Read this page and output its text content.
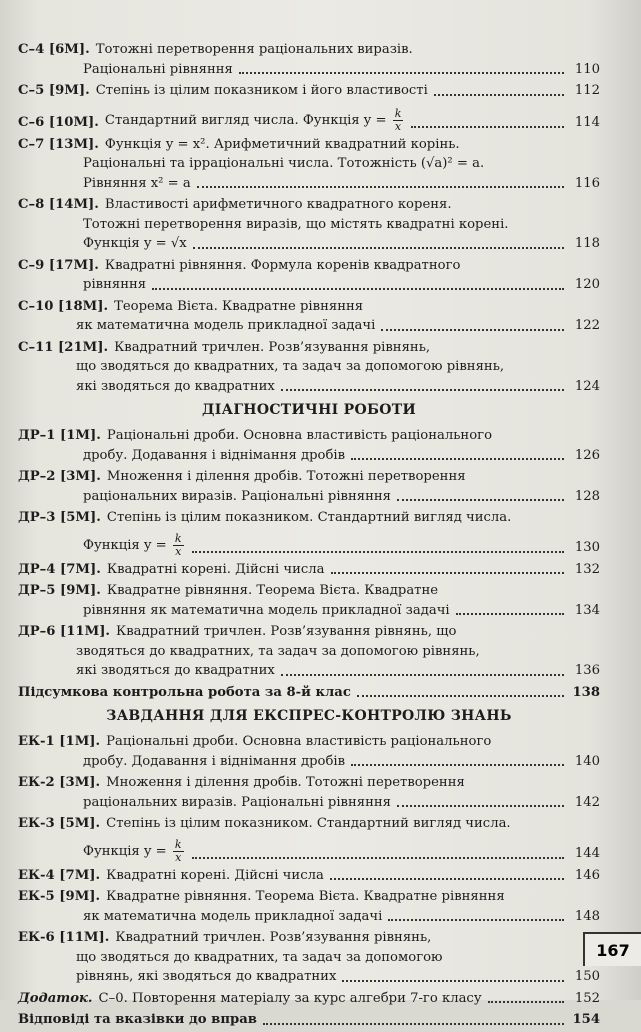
С–4 [6М]. Тотожні перетворення раціональних виразів.
Раціональні рівняння	110
С–5 [9М]. Степінь із цілим показником і його властивості	112
С–6 [10М]. Стандартний вигляд числа. Функція $y = \frac{k}{x}$	114
С–7 [13М]. Функція y = x². Арифметичний квадратний корінь.
Раціональні та ірраціональні числа. Тотожність (√a)² = a.
Рівняння x² = a	116
С–8 [14М]. Властивості арифметичного квадратного кореня.
Тотожні перетворення виразів, що містять квадратні корені.
Функція y = √x	118
С–9 [17М]. Квадратні рівняння. Формула коренів квадратного
рівняння	120
С–10 [18М]. Теорема Вієта. Квадратне рівняння
як математична модель прикладної задачі	122
С–11 [21М]. Квадратний тричлен. Розв’язування рівнянь,
що зводяться до квадратних, та задач за допомогою рівнянь,
які зводяться до квадратних	124
ДІАГНОСТИЧНІ РОБОТИ
ДР–1 [1М]. Раціональні дроби. Основна властивість раціонального
дробу. Додавання і віднімання дробів	126
ДР–2 [3М]. Множення і ділення дробів. Тотожні перетворення
раціональних виразів. Раціональні рівняння	128
ДР–3 [5М]. Степінь із цілим показником. Стандартний вигляд числа.
Функція $y = \frac{k}{x}$	130
ДР–4 [7М]. Квадратні корені. Дійсні числа	132
ДР–5 [9М]. Квадратне рівняння. Теорема Вієта. Квадратне
рівняння як математична модель прикладної задачі	134
ДР–6 [11М]. Квадратний тричлен. Розв’язування рівнянь, що
зводяться до квадратних, та задач за допомогою рівнянь,
які зводяться до квадратних	136
Підсумкова контрольна робота за 8-й клас	138
ЗАВДАННЯ ДЛЯ ЕКСПРЕС-КОНТРОЛЮ ЗНАНЬ
ЕК-1 [1М]. Раціональні дроби. Основна властивість раціонального
дробу. Додавання і віднімання дробів	140
ЕК-2 [3М]. Множення і ділення дробів. Тотожні перетворення
раціональних виразів. Раціональні рівняння	142
ЕК-3 [5М]. Степінь із цілим показником. Стандартний вигляд числа.
Функція $y = \frac{k}{x}$	144
ЕК-4 [7М]. Квадратні корені. Дійсні числа	146
ЕК-5 [9М]. Квадратне рівняння. Теорема Вієта. Квадратне рівняння
як математична модель прикладної задачі	148
ЕК-6 [11М]. Квадратний тричлен. Розв’язування рівнянь,
що зводяться до квадратних, та задач за допомогою
рівнянь, які зводяться до квадратних	150
Додаток. С–0. Повторення матеріалу за курс алгебри 7-го класу	152
Відповіді та вказівки до вправ	154
167
